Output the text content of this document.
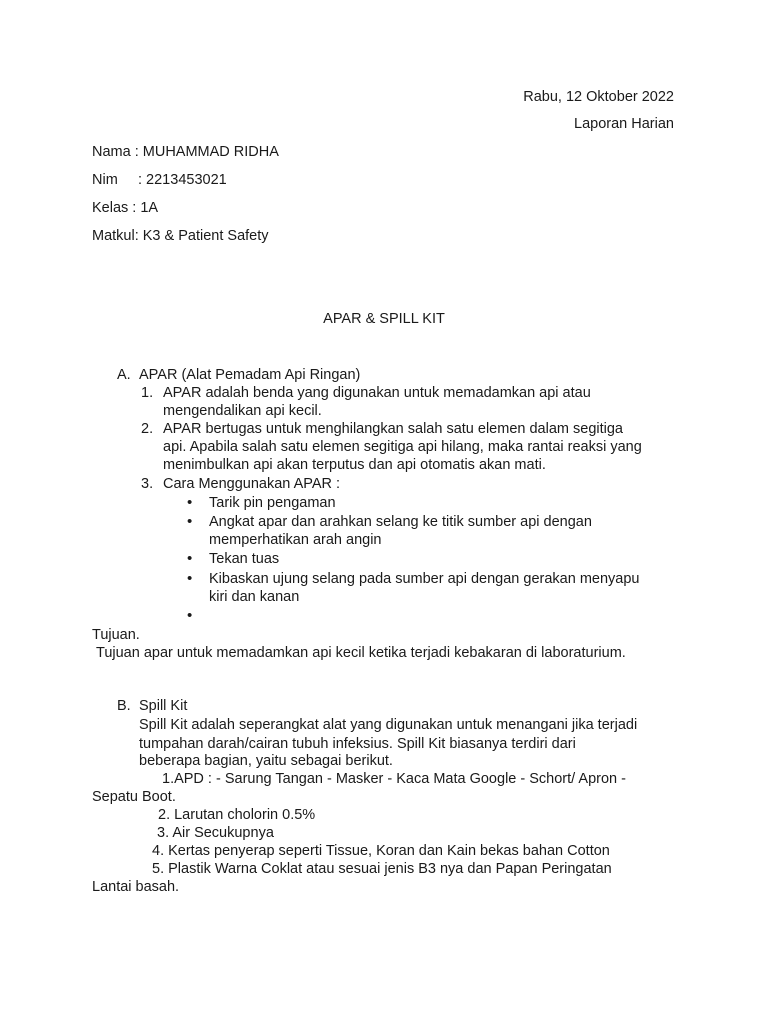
Rabu, 12 Oktober 2022
Laporan Harian
Nama : MUHAMMAD RIDHA
Nim : 2213453021
Kelas : 1A
Matkul: K3 & Patient Safety
APAR & SPILL KIT
A. APAR (Alat Pemadam Api Ringan)
1. APAR adalah benda yang digunakan untuk memadamkan api atau
mengendalikan api kecil.
2. APAR bertugas untuk menghilangkan salah satu elemen dalam segitiga
api. Apabila salah satu elemen segitiga api hilang, maka rantai reaksi yang
menimbulkan api akan terputus dan api otomatis akan mati.
3. Cara Menggunakan APAR :
• Tarik pin pengaman
• Angkat apar dan arahkan selang ke titik sumber api dengan
memperhatikan arah angin
• Tekan tuas
• Kibaskan ujung selang pada sumber api dengan gerakan menyapu
kiri dan kanan
Tujuan.
Tujuan apar untuk memadamkan api kecil ketika terjadi kebakaran di laboraturium.
B. Spill Kit
Spill Kit adalah seperangkat alat yang digunakan untuk menangani jika terjadi
tumpahan darah/cairan tubuh infeksius. Spill Kit biasanya terdiri dari
beberapa bagian, yaitu sebagai berikut.
1.APD : - Sarung Tangan - Masker - Kaca Mata Google - Schort/ Apron -
Sepatu Boot.
2. Larutan cholorin 0.5%
3. Air Secukupnya
4. Kertas penyerap seperti Tissue, Koran dan Kain bekas bahan Cotton
5. Plastik Warna Coklat atau sesuai jenis B3 nya dan Papan Peringatan
Lantai basah.
